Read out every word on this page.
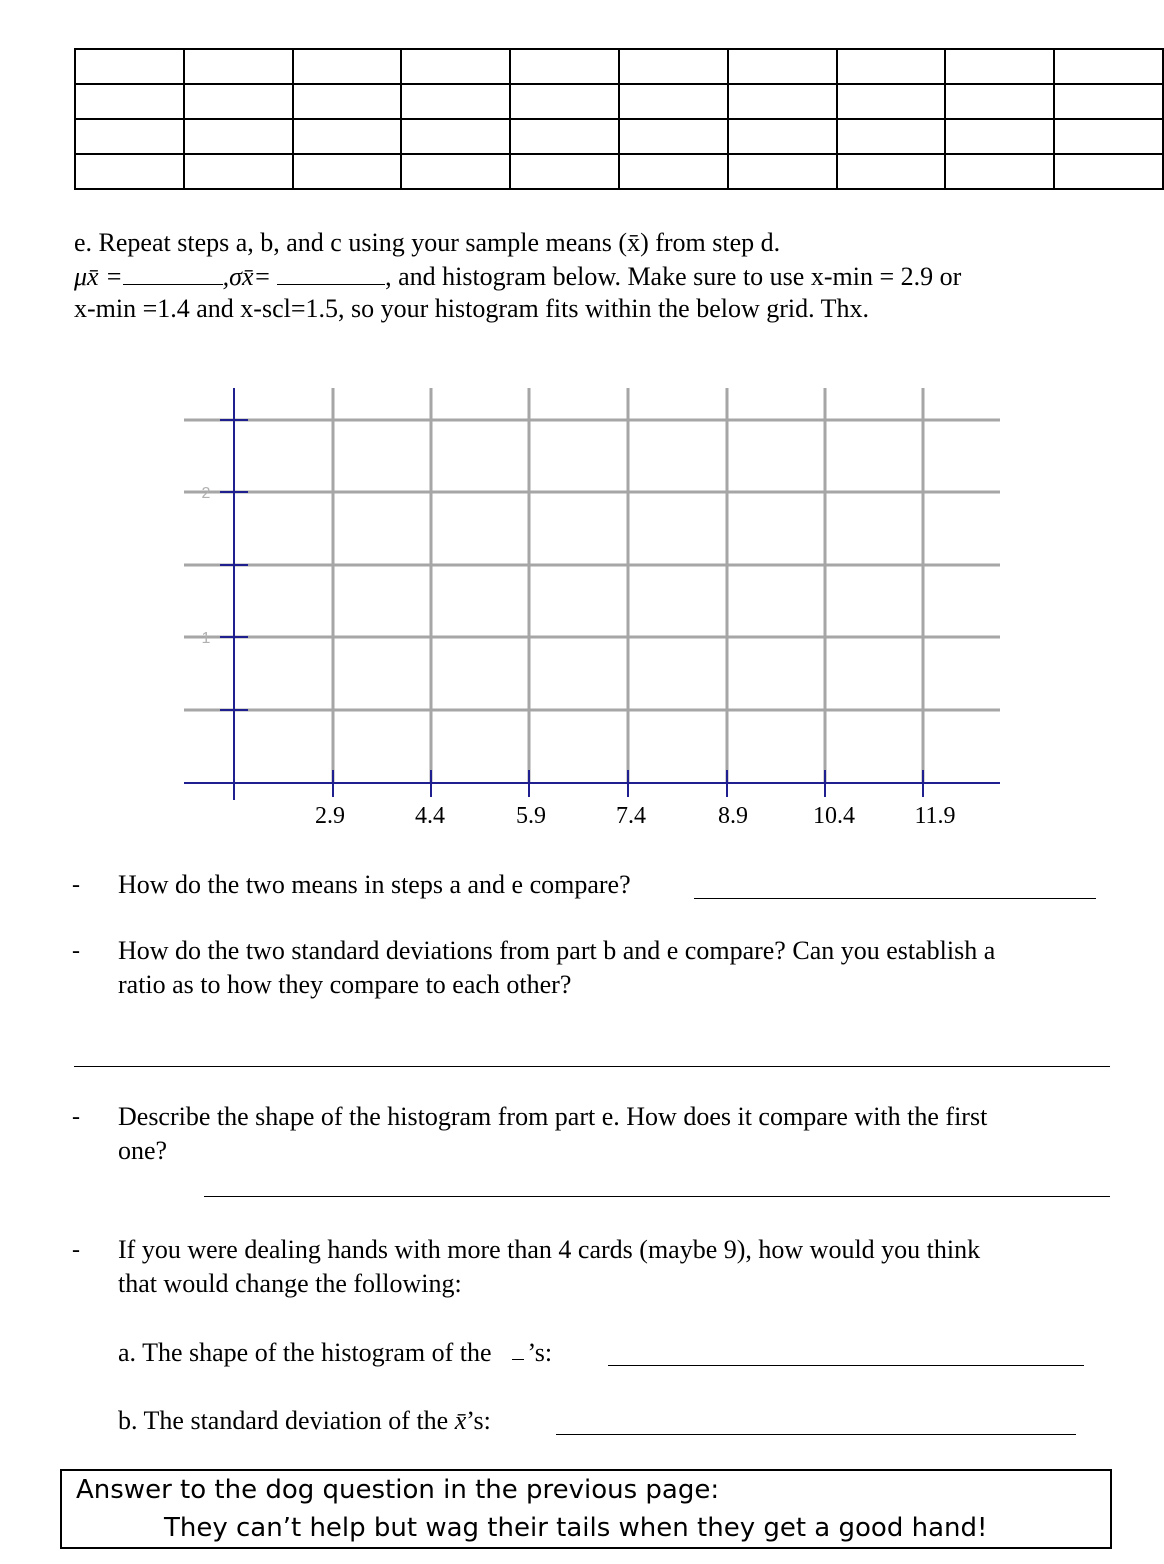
e. Repeat steps a, b, and c using your sample means (x̄) from step d.
μx̄ =	,σx̄=	, and histogram below. Make sure to use x-min = 2.9 or
x-min =1.4 and x-scl=1.5, so your histogram fits within the below grid. Thx.
2
1
2.9	4.4	5.9	7.4	8.9	10.4	11.9
- How do the two means in steps a and e compare?
- How do the two standard deviations from part b and e compare? Can you establish a
ratio as to how they compare to each other?
- Describe the shape of the histogram from part e. How does it compare with the first
one?
- If you were dealing hands with more than 4 cards (maybe 9), how would you think
that would change the following:
a. The shape of the histogram of the ’s:
b. The standard deviation of the x̄’s:
Answer to the dog question in the previous page:
They can’t help but wag their tails when they get a good hand!
